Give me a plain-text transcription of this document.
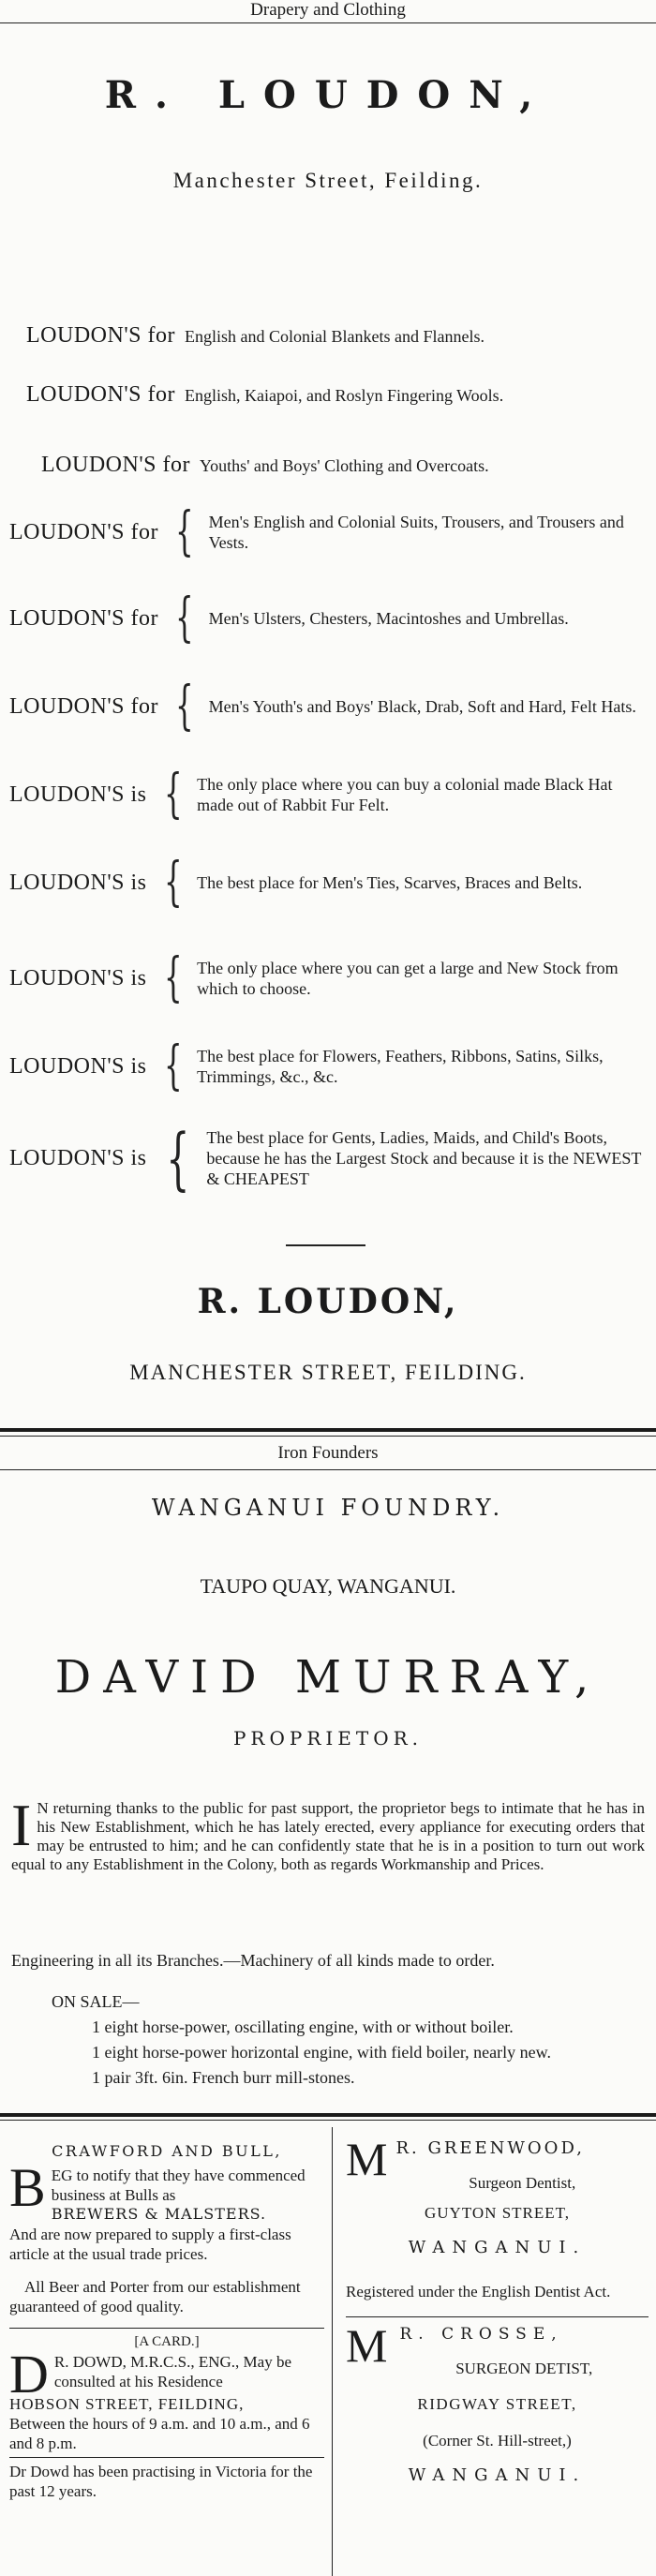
Drapery and Clothing
R. LOUDON,
Manchester Street, Feilding.
LOUDON'S for English and Colonial Blankets and Flannels.
LOUDON'S for English, Kaiapoi, and Roslyn Fingering Wools.
LOUDON'S for Youths' and Boys' Clothing and Overcoats.
LOUDON'S for { Men's English and Colonial Suits, Trousers, and Trousers and Vests.
LOUDON'S for { Men's Ulsters, Chesters, Macintoshes and Umbrellas.
LOUDON'S for { Men's Youth's and Boys' Black, Drab, Soft and Hard, Felt Hats.
LOUDON'S is { The only place where you can buy a colonial made Black Hat made out of Rabbit Fur Felt.
LOUDON'S is { The best place for Men's Ties, Scarves, Braces and Belts.
LOUDON'S is { The only place where you can get a large and New Stock from which to choose.
LOUDON'S is { The best place for Flowers, Feathers, Ribbons, Satins, Silks, Trimmings, &c., &c.
LOUDON'S is { The best place for Gents, Ladies, Maids, and Child's Boots, because he has the Largest Stock and because it is the NEWEST & CHEAPEST
R. LOUDON,
MANCHESTER STREET, FEILDING.
Iron Founders
WANGANUI FOUNDRY.
TAUPO QUAY, WANGANUI.
DAVID MURRAY,
PROPRIETOR.
I N returning thanks to the public for past support, the proprietor begs to intimate that he has in his New Establishment, which he has lately erected, every appliance for executing orders that may be entrusted to him; and he can confidently state that he is in a position to turn out work equal to any Establishment in the Colony, both as regards Workmanship and Prices.
Engineering in all its Branches.—Machinery of all kinds made to order.
ON SALE—
1 eight horse-power, oscillating engine, with or without boiler.
1 eight horse-power horizontal engine, with field boiler, nearly new.
1 pair 3ft. 6in. French burr mill-stones.
CRAWFORD AND BULL,
B EG to notify that they have commenced business at Bulls as
BREWERS & MALSTERS.
And are now prepared to supply a first-class article at the usual trade prices.
All Beer and Porter from our establishment guaranteed of good quality.
[A CARD.]
D R. DOWD, M.R.C.S., ENG., May be consulted at his Residence
HOBSON STREET, FEILDING,
Between the hours of 9 a.m. and 10 a.m., and 6 and 8 p.m.
Dr Dowd has been practising in Victoria for the past 12 years.
M R. GREENWOOD,
Surgeon Dentist,
GUYTON STREET,
WANGANUI.
Registered under the English Dentist Act.
M R. CROSSE,
SURGEON DETIST,
RIDGWAY STREET,
(Corner St. Hill-street,)
WANGANUI.
